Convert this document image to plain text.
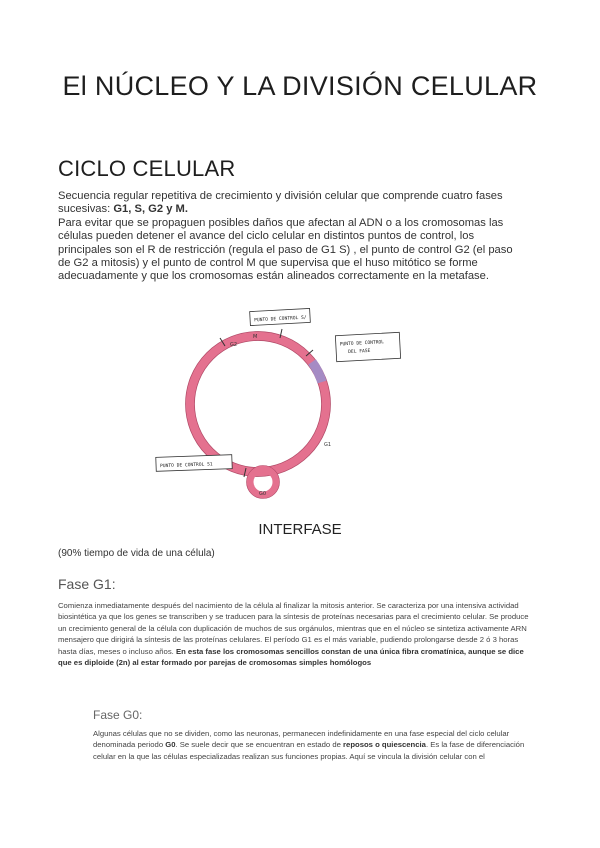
El NÚCLEO Y LA DIVISIÓN CELULAR
CICLO CELULAR
Secuencia regular repetitiva de crecimiento y división celular que comprende cuatro fases sucesivas: G1, S, G2 y M.
Para evitar que se propaguen posibles daños que afectan al ADN o a los cromosomas las células pueden detener el avance del ciclo celular en distintos puntos de control, los principales son el R de restricción (regula el paso de G1 S) , el punto de control G2 (el paso de G2 a mitosis) y el punto de control M que supervisa que el huso mitótico se forme adecuadamente y que los cromosomas están alineados correctamente en la metafase.
G2
M
G1
G0
PUNTO DE CONTROL S/
PUNTO DE CONTROLDEL FASE
PUNTO DE CONTROL S1
INTERFASE
(90% tiempo de vida de una célula)
Fase G1:
Comienza inmediatamente después del nacimiento de la célula al finalizar la mitosis anterior. Se caracteriza por una intensiva actividad biosintética ya que los genes se transcriben y se traducen para la síntesis de proteínas necesarias para el crecimiento celular. Se produce un crecimiento general de la célula con duplicación de muchos de sus orgánulos, mientras que en el núcleo se sintetiza activamente ARN mensajero que dirigirá la síntesis de las proteínas celulares. El período G1 es el más variable, pudiendo prolongarse desde 2 ó 3 horas hasta días, meses o incluso años. En esta fase los cromosomas sencillos constan de una única fibra cromatínica, aunque se dice que es diploide (2n) al estar formado por parejas de cromosomas simples homólogos
Fase G0:
Algunas células que no se dividen, como las neuronas, permanecen indefinidamente en una fase especial del ciclo celular denominada periodo G0. Se suele decir que se encuentran en estado de reposos o quiescencia. Es la fase de diferenciación celular en la que las células especializadas realizan sus funciones propias. Aquí se vincula la división celular con el
